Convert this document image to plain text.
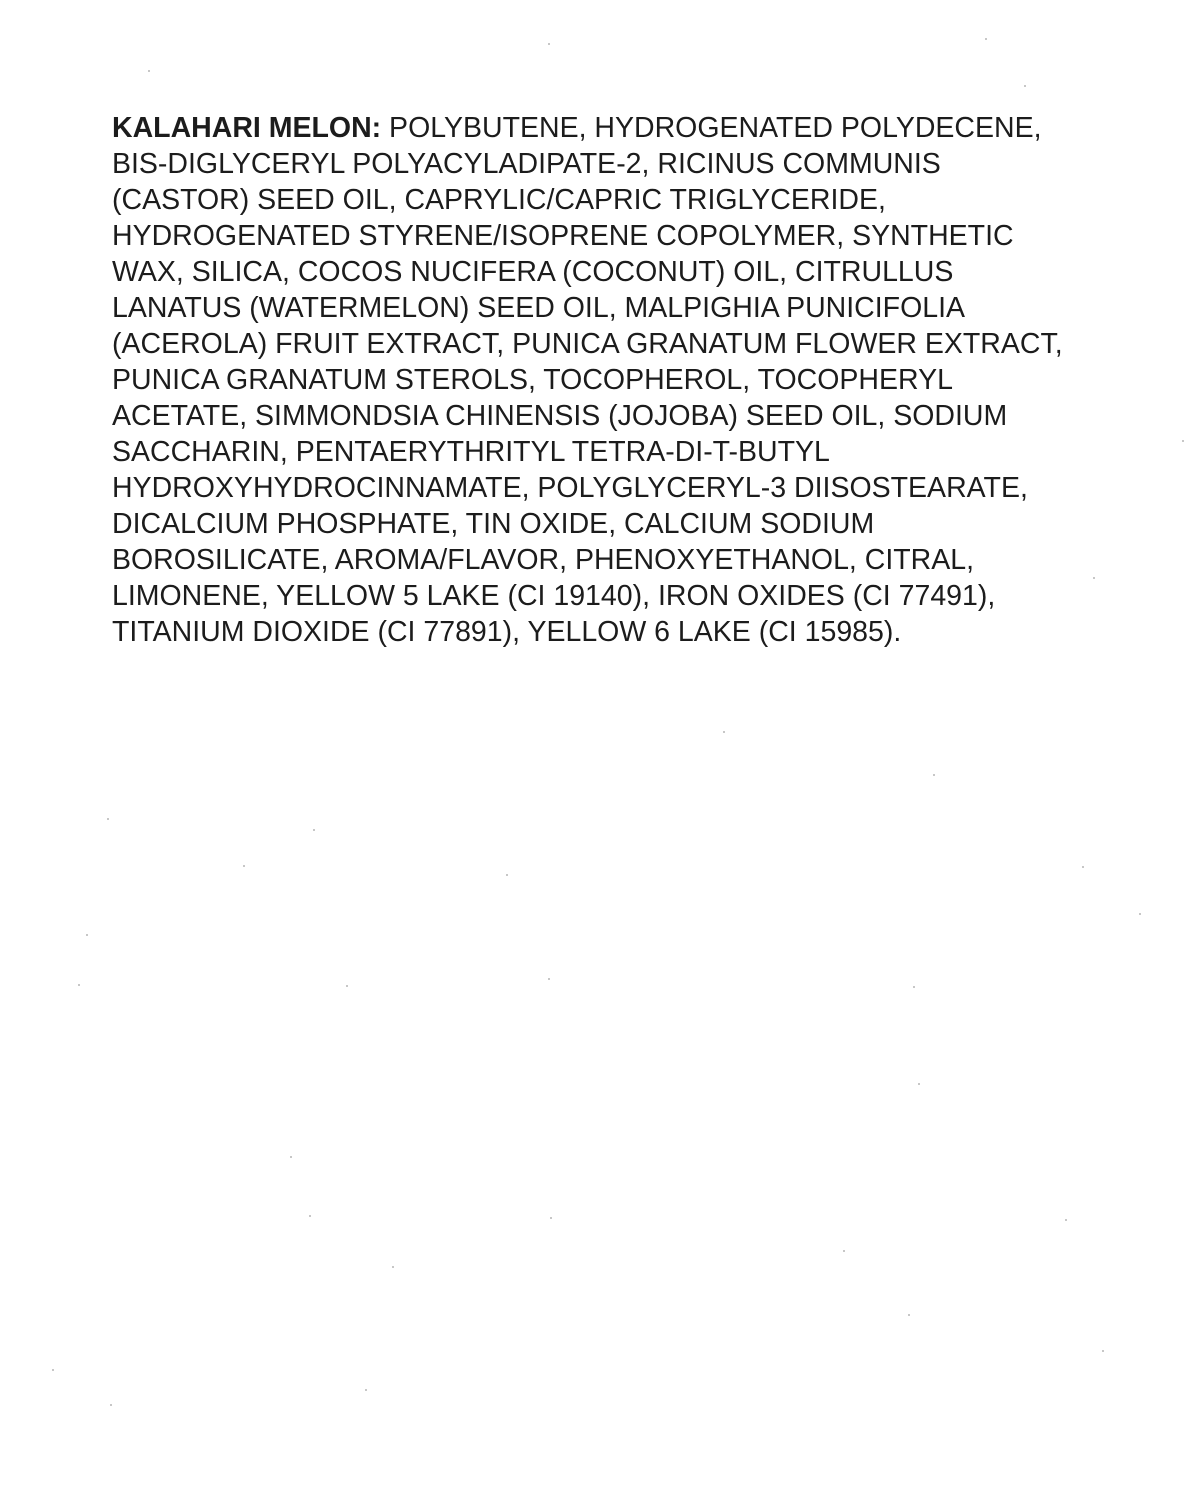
KALAHARI MELON: POLYBUTENE, HYDROGENATED POLYDECENE,
BIS-DIGLYCERYL POLYACYLADIPATE-2, RICINUS COMMUNIS
(CASTOR) SEED OIL, CAPRYLIC/CAPRIC TRIGLYCERIDE,
HYDROGENATED STYRENE/ISOPRENE COPOLYMER, SYNTHETIC
WAX, SILICA, COCOS NUCIFERA (COCONUT) OIL, CITRULLUS
LANATUS (WATERMELON) SEED OIL, MALPIGHIA PUNICIFOLIA
(ACEROLA) FRUIT EXTRACT, PUNICA GRANATUM FLOWER EXTRACT,
PUNICA GRANATUM STEROLS, TOCOPHEROL, TOCOPHERYL
ACETATE, SIMMONDSIA CHINENSIS (JOJOBA) SEED OIL, SODIUM
SACCHARIN, PENTAERYTHRITYL TETRA-DI-T-BUTYL
HYDROXYHYDROCINNAMATE, POLYGLYCERYL-3 DIISOSTEARATE,
DICALCIUM PHOSPHATE, TIN OXIDE, CALCIUM SODIUM
BOROSILICATE, AROMA/FLAVOR, PHENOXYETHANOL, CITRAL,
LIMONENE, YELLOW 5 LAKE (CI 19140), IRON OXIDES (CI 77491),
TITANIUM DIOXIDE (CI 77891), YELLOW 6 LAKE (CI 15985).
